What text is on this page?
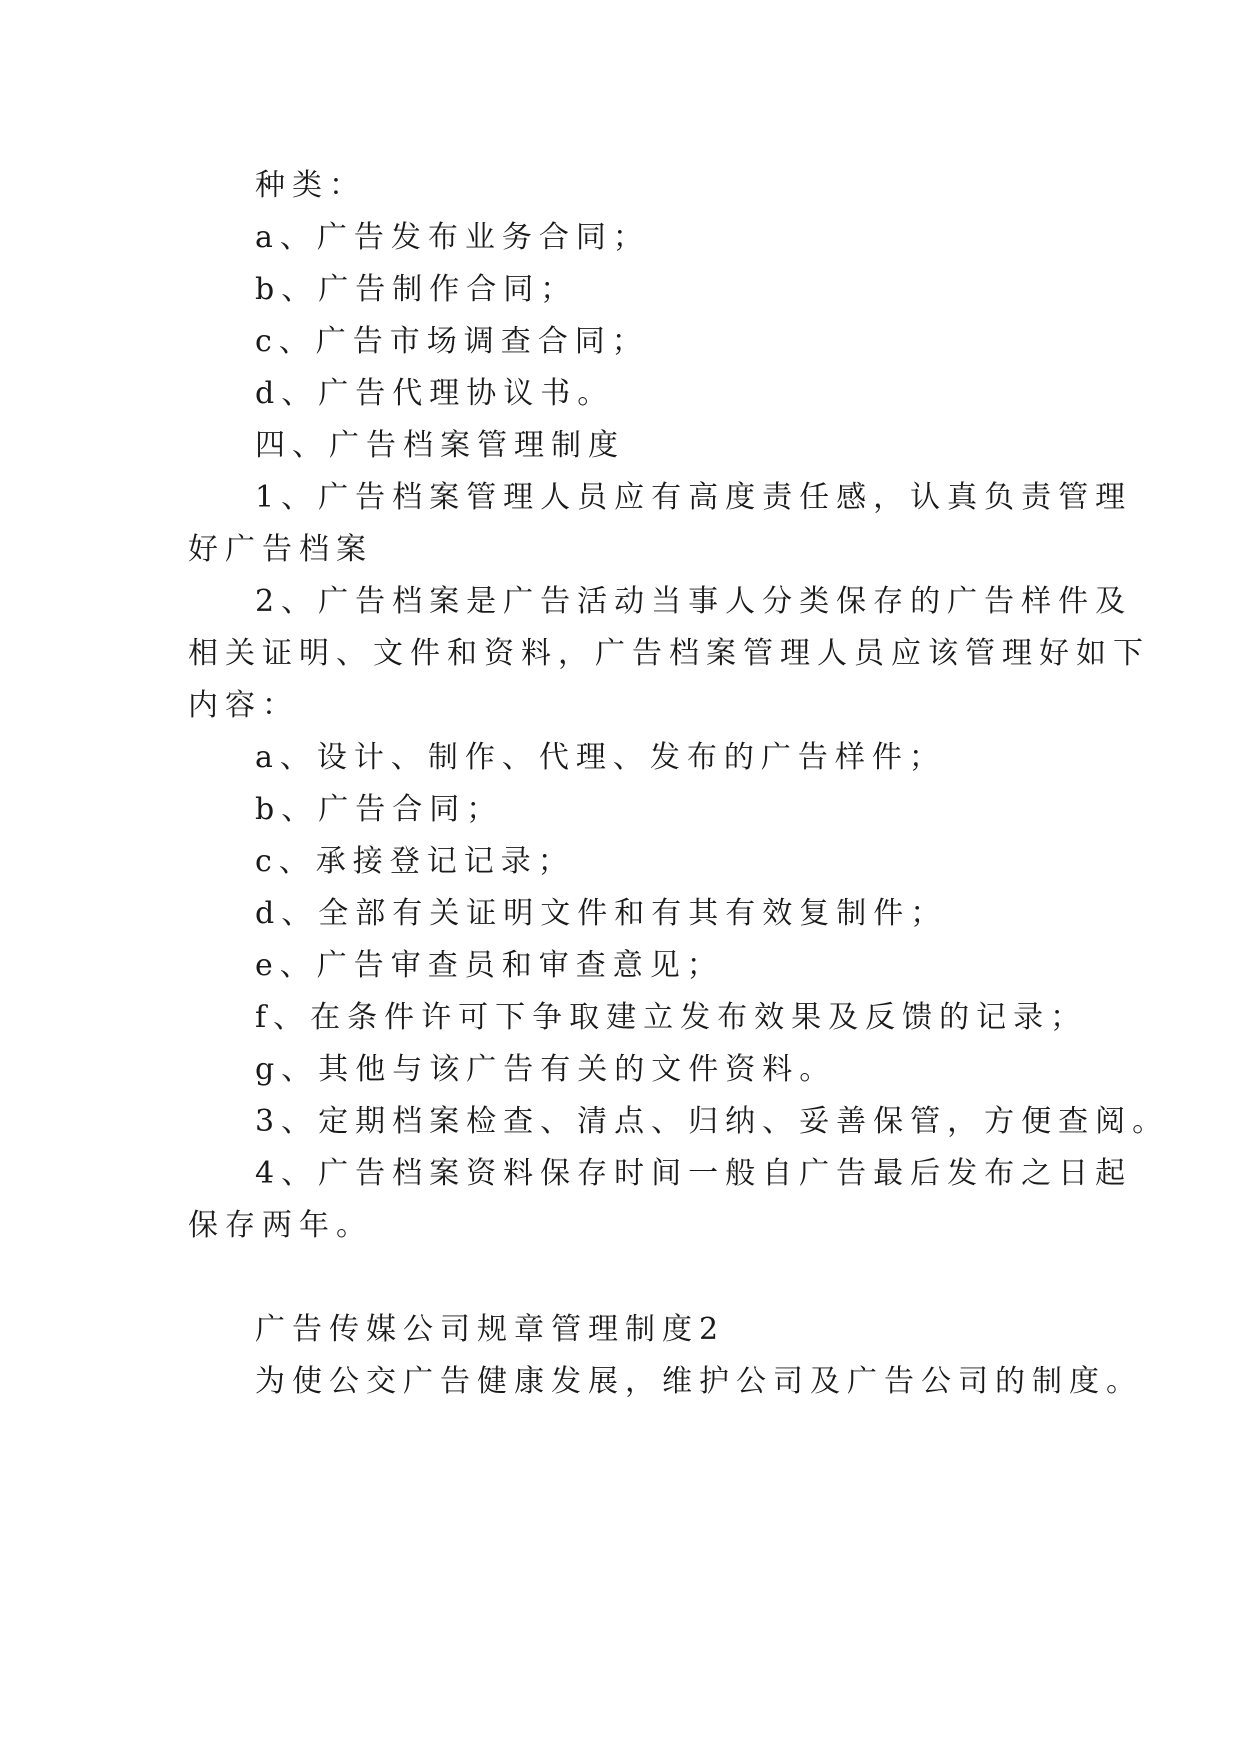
种类：
a、广告发布业务合同；
b、广告制作合同；
c、广告市场调查合同；
d、广告代理协议书。
四、广告档案管理制度
1、广告档案管理人员应有高度责任感，认真负责管理
好广告档案
2、广告档案是广告活动当事人分类保存的广告样件及
相关证明、文件和资料，广告档案管理人员应该管理好如下
内容：
a、设计、制作、代理、发布的广告样件；
b、广告合同；
c、承接登记记录；
d、全部有关证明文件和有其有效复制件；
e、广告审查员和审查意见；
f、在条件许可下争取建立发布效果及反馈的记录；
g、其他与该广告有关的文件资料。
3、定期档案检查、清点、归纳、妥善保管，方便查阅。
4、广告档案资料保存时间一般自广告最后发布之日起
保存两年。
广告传媒公司规章管理制度2
为使公交广告健康发展，维护公司及广告公司的制度。
